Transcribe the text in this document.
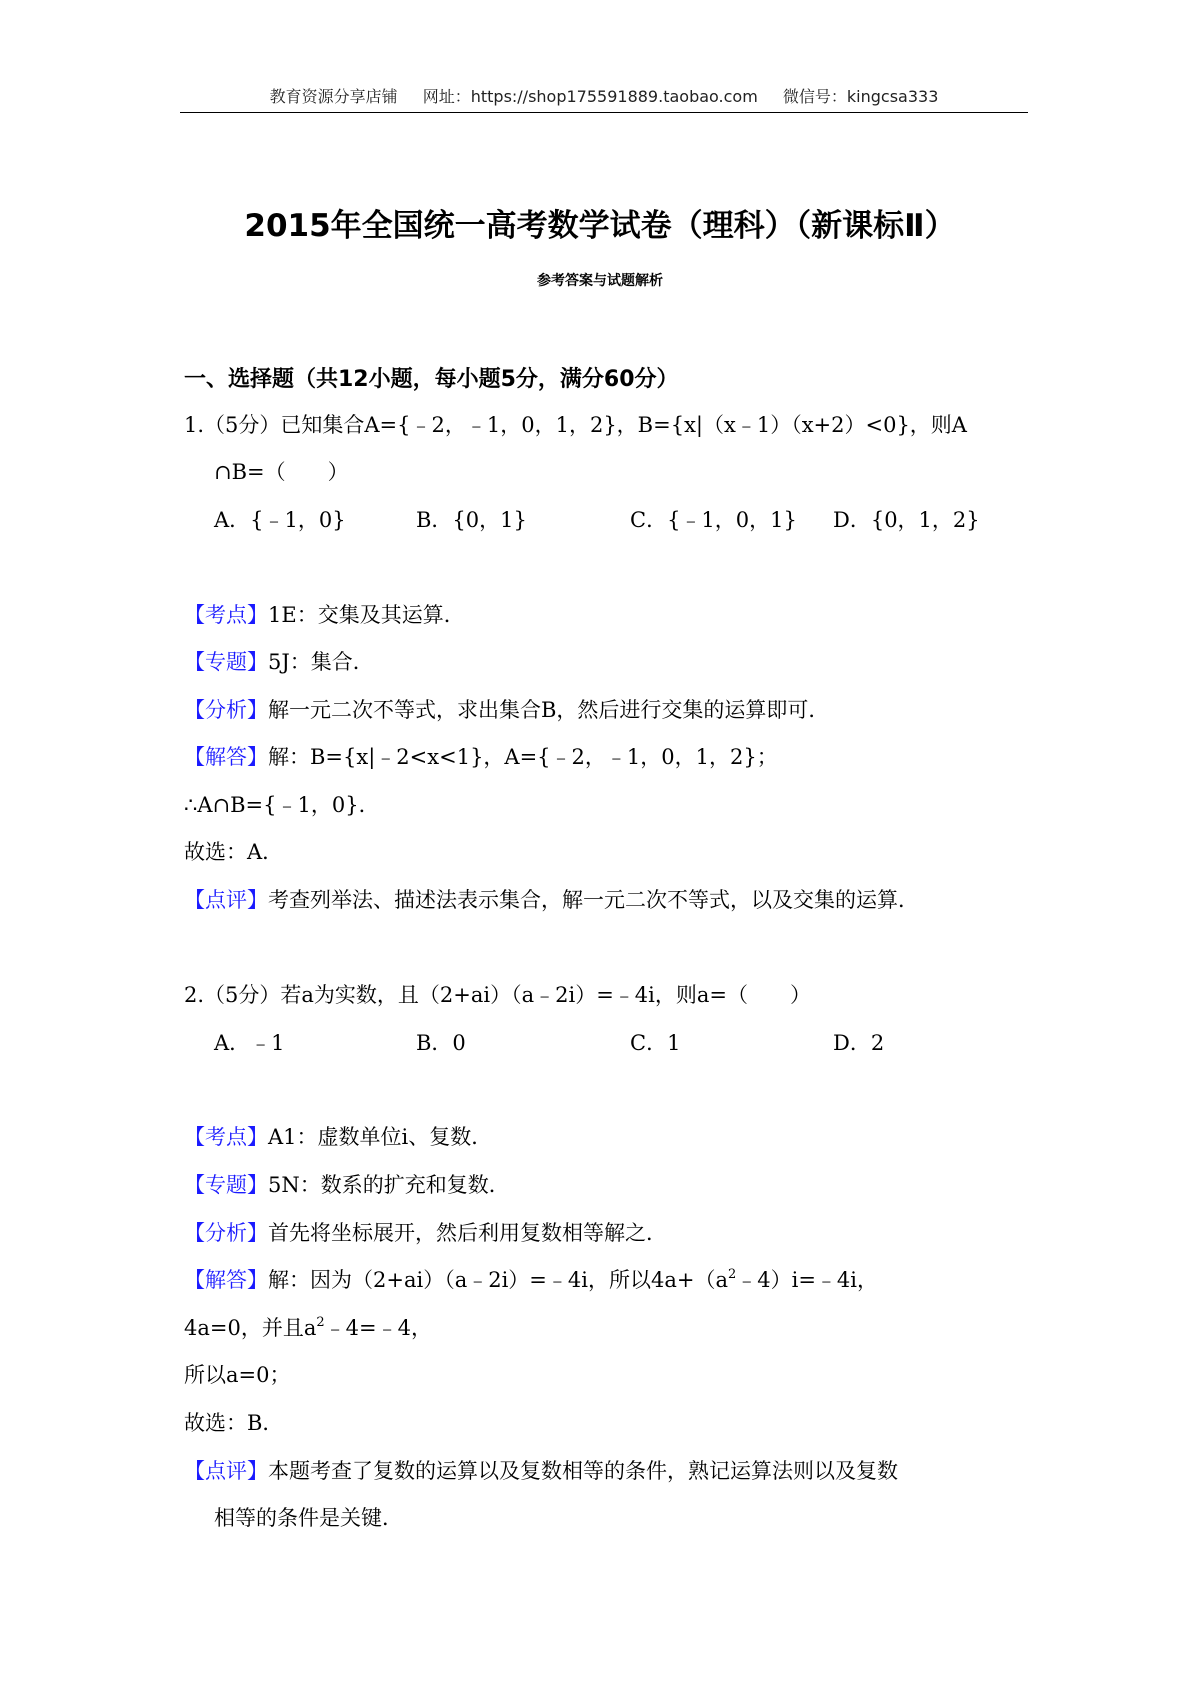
教育资源分享店铺 网址：https://shop175591889.taobao.com 微信号：kingcsa333
2015年全国统一高考数学试卷（理科）（新课标Ⅱ）
参考答案与试题解析
一、选择题（共12小题，每小题5分，满分60分）
1.（5分）已知集合A={﹣2，﹣1，0，1，2}，B={x|（x﹣1）（x+2）<0}，则A
∩B=（　　）
A．{﹣1，0}	B．{0，1}	C．{﹣1，0，1} D．{0，1，2}
【考点】1E：交集及其运算．
【专题】5J：集合．
【分析】解一元二次不等式，求出集合B，然后进行交集的运算即可．
【解答】解：B={x|﹣2<x<1}，A={﹣2，﹣1，0，1，2}；
∴A∩B={﹣1，0}．
故选：A．
【点评】考查列举法、描述法表示集合，解一元二次不等式，以及交集的运算．
2.（5分）若a为实数，且（2+ai）（a﹣2i）=﹣4i，则a=（　　）
A．﹣1	B．0	C．1	D．2
【考点】A1：虚数单位i、复数．
【专题】5N：数系的扩充和复数．
【分析】首先将坐标展开，然后利用复数相等解之．
【解答】解：因为（2+ai）（a﹣2i）=﹣4i，所以$4a+(a^2﹣4)i=﹣4i$，
4a=0，并且$a^2﹣4=﹣4$，
所以a=0；
故选：B．
【点评】本题考查了复数的运算以及复数相等的条件，熟记运算法则以及复数
相等的条件是关键．
